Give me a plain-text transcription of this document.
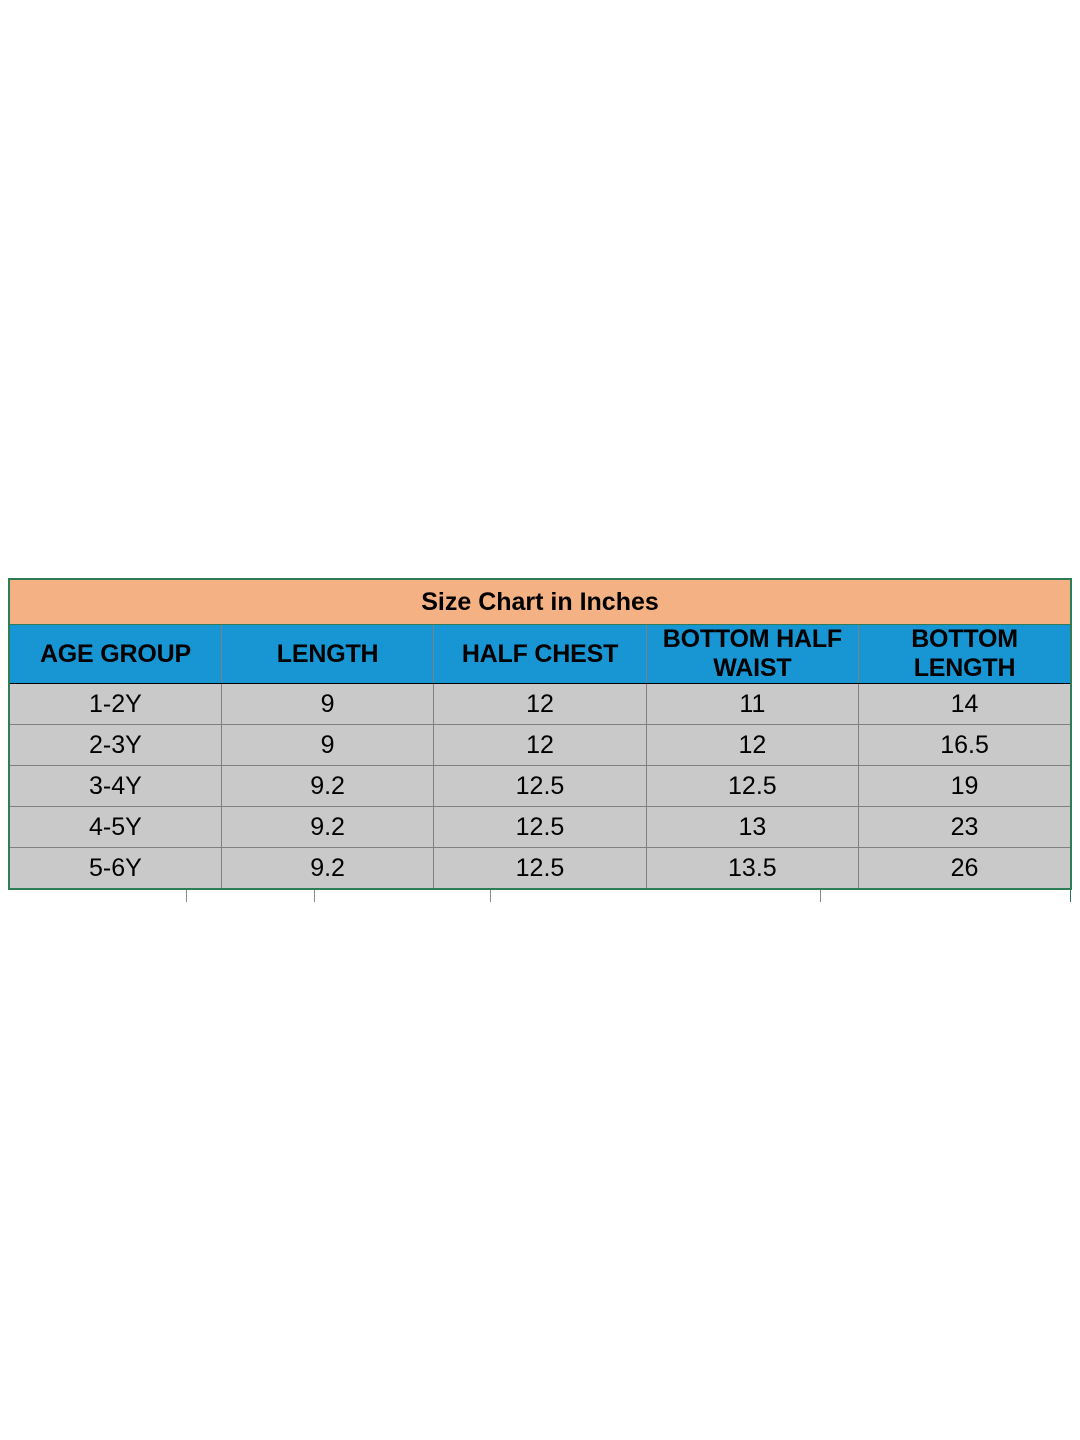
Size Chart in Inches				
AGE GROUP	LENGTH	HALF CHEST	BOTTOM HALF WAIST	BOTTOM LENGTH
1-2Y	9	12	11	14
2-3Y	9	12	12	16.5
3-4Y	9.2	12.5	12.5	19
4-5Y	9.2	12.5	13	23
5-6Y	9.2	12.5	13.5	26
